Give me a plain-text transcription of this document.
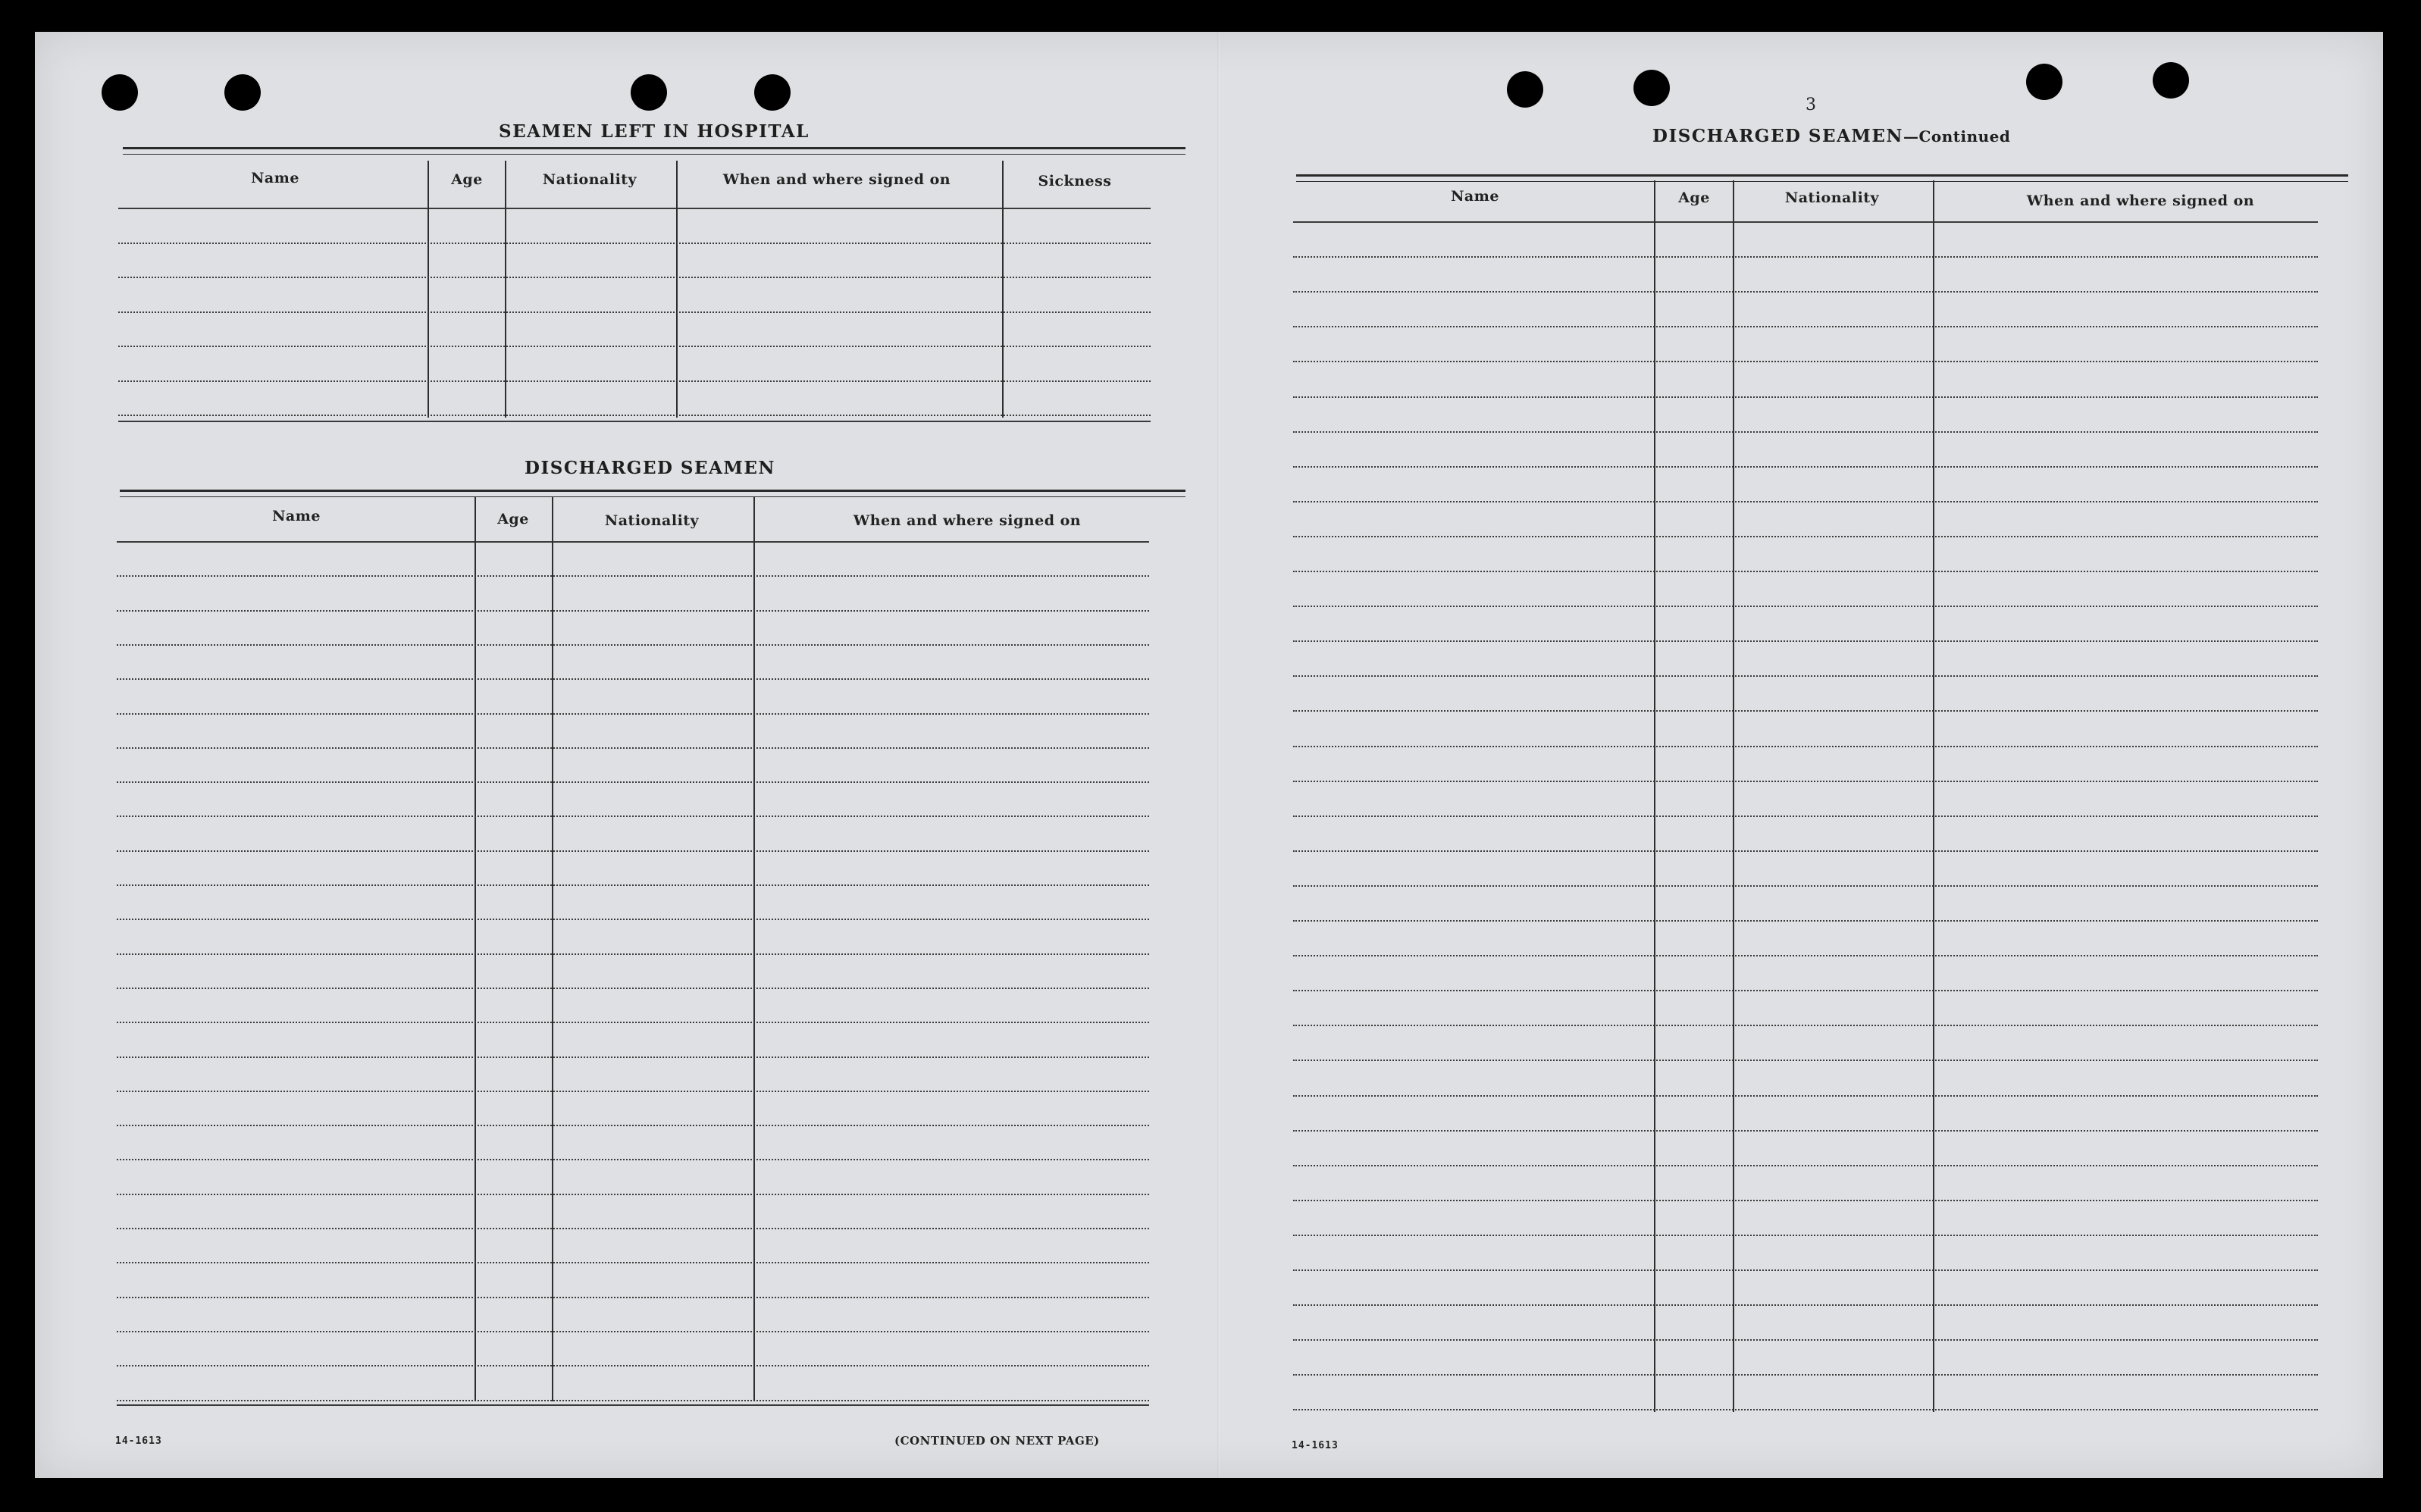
SEAMEN LEFT IN HOSPITAL
Name	Age	Nationality	When and where signed on	Sickness
DISCHARGED SEAMEN
Name	Age	Nationality	When and where signed on
14-1613	(CONTINUED ON NEXT PAGE)
3
DISCHARGED SEAMEN—Continued
Name	Age	Nationality	When and where signed on
14-1613
